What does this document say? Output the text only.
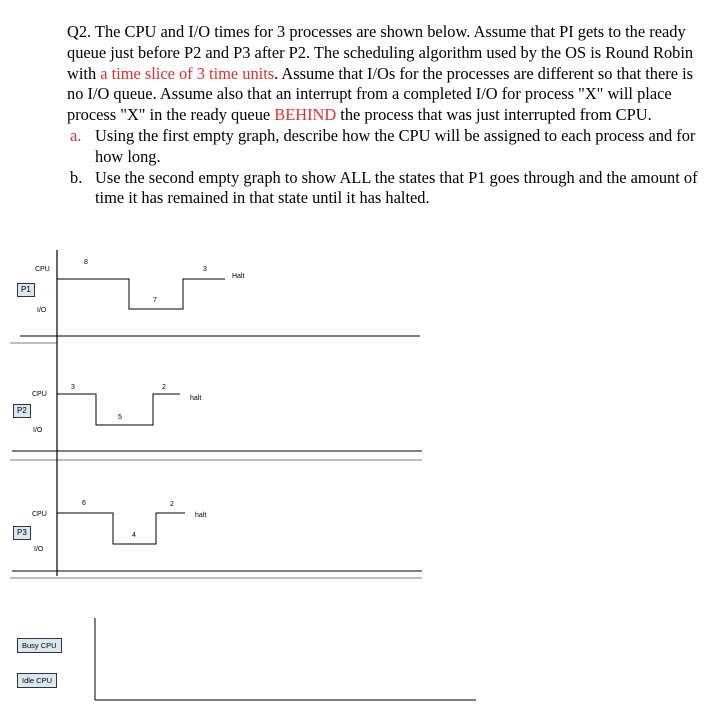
Q2. The CPU and I/O times for 3 processes are shown below. Assume that PI gets to the ready queue just before P2 and P3 after P2. The scheduling algorithm used by the OS is Round Robin with a time slice of 3 time units. Assume that I/Os for the processes are different so that there is no I/O queue. Assume also that an interrupt from a completed I/O for process "X" will place process "X" in the ready queue BEHIND the process that was just interrupted from CPU.

a. Using the first empty graph, describe how the CPU will be assigned to each process and for how long.
b. Use the second empty graph to show ALL the states that P1 goes through and the amount of time it has remained in that state until it has halted.
CPU
P1
I/O
8
7
3
Halt
CPU
P2
I/O
3
5
2
halt
CPU
P3
I/O
6
4
2
halt
Busy CPU
Idle CPU
